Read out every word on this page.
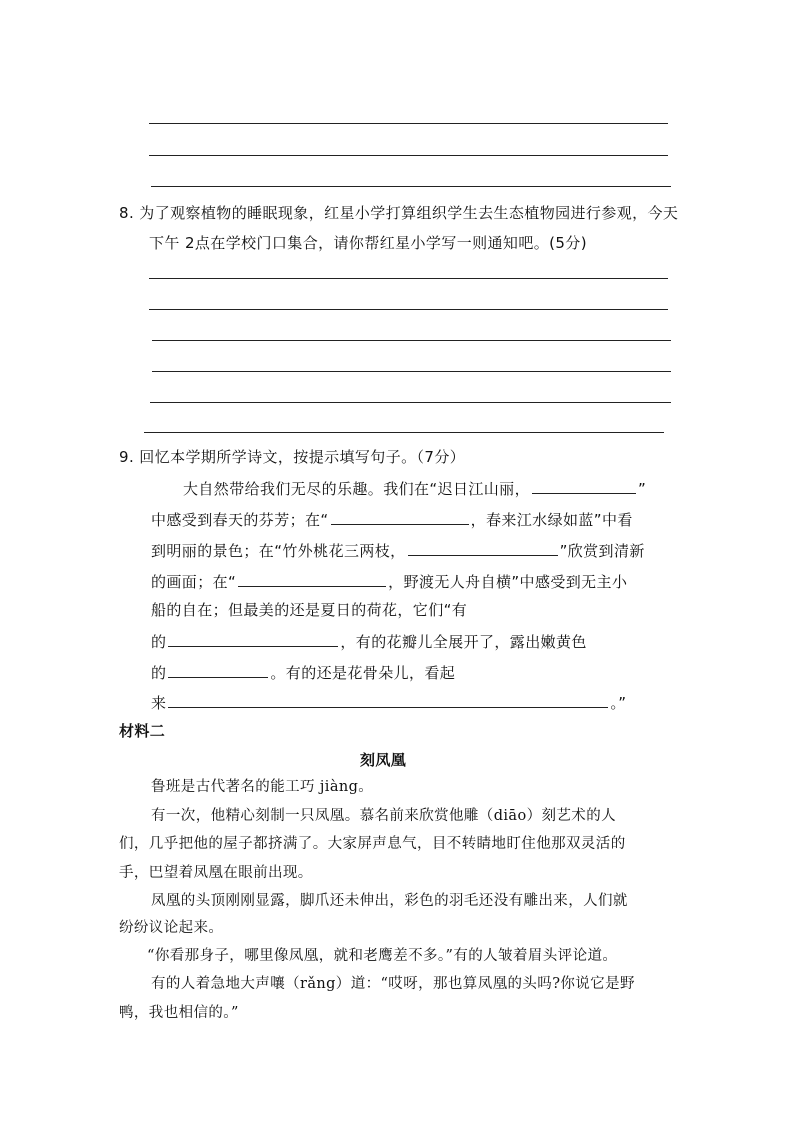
8. 为了观察植物的睡眠现象，红星小学打算组织学生去生态植物园进行参观，今天
下午 2点在学校门口集合，请你帮红星小学写一则通知吧。(5分)
9. 回忆本学期所学诗文，按提示填写句子。（7分）
大自然带给我们无尽的乐趣。我们在“迟日江山丽，	”
中感受到春天的芬芳；在“	，春来江水绿如蓝”中看
到明丽的景色；在“竹外桃花三两枝，	”欣赏到清新
的画面；在“	，野渡无人舟自横”中感受到无主小
船的自在；但最美的还是夏日的荷花，它们“有
的	，有的花瓣儿全展开了，露出嫩黄色
的	。有的还是花骨朵儿，看起
来	。”
材料二
刻凤凰
鲁班是古代著名的能工巧 jiàng。
有一次，他精心刻制一只凤凰。慕名前来欣赏他雕（diāo）刻艺术的人
们，几乎把他的屋子都挤满了。大家屏声息气，目不转睛地盯住他那双灵活的
手，巴望着凤凰在眼前出现。
凤凰的头顶刚刚显露，脚爪还未伸出，彩色的羽毛还没有雕出来，人们就
纷纷议论起来。
“你看那身子，哪里像凤凰，就和老鹰差不多。”有的人皱着眉头评论道。
有的人着急地大声嚷（rǎng）道：“哎呀，那也算凤凰的头吗?你说它是野
鸭，我也相信的。”
